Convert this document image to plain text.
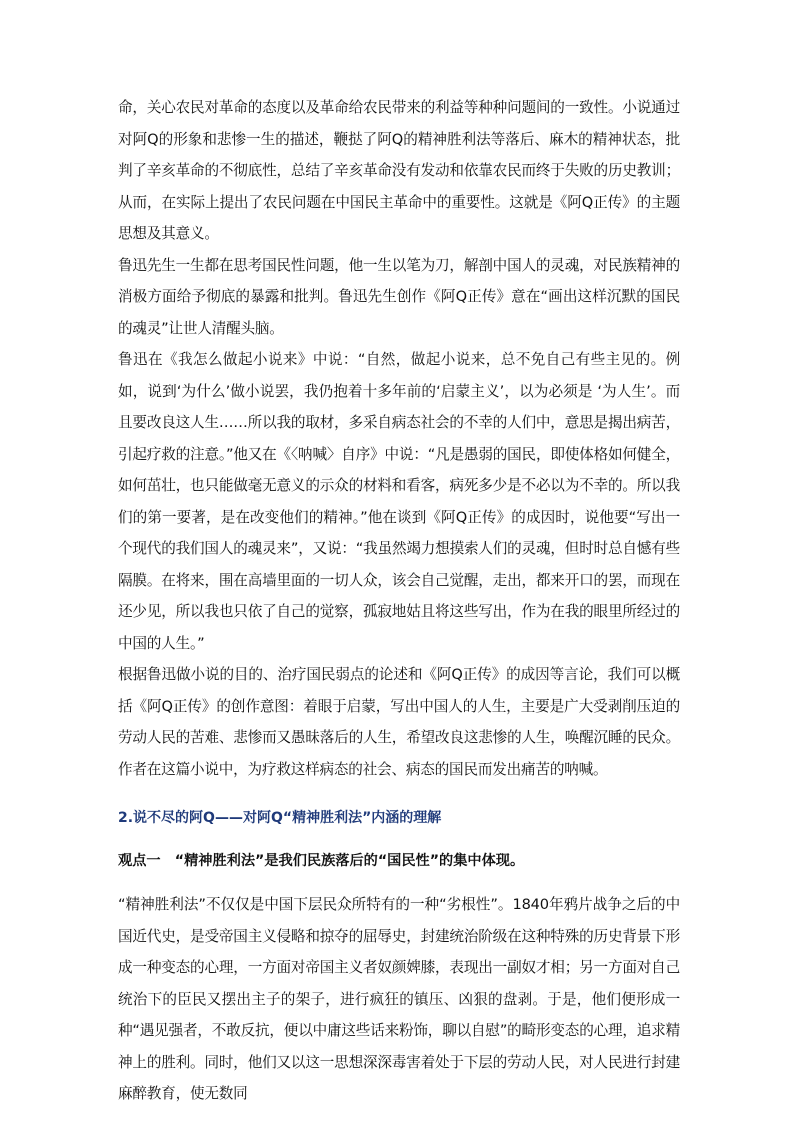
命，关心农民对革命的态度以及革命给农民带来的利益等种种问题间的一致性。小说通过对阿Q的形象和悲惨一生的描述，鞭挞了阿Q的精神胜利法等落后、麻木的精神状态，批判了辛亥革命的不彻底性，总结了辛亥革命没有发动和依靠农民而终于失败的历史教训；从而，在实际上提出了农民问题在中国民主革命中的重要性。这就是《阿Q正传》的主题思想及其意义。

鲁迅先生一生都在思考国民性问题，他一生以笔为刀，解剖中国人的灵魂，对民族精神的消极方面给予彻底的暴露和批判。鲁迅先生创作《阿Q正传》意在“画出这样沉默的国民的魂灵”让世人清醒头脑。

鲁迅在《我怎么做起小说来》中说：“自然，做起小说来，总不免自己有些主见的。例如，说到‘为什么’做小说罢，我仍抱着十多年前的‘启蒙主义’，以为必须是 ‘为人生’。而且要改良这人生……所以我的取材，多采自病态社会的不幸的人们中，意思是揭出病苦，引起疗救的注意。”他又在《〈呐喊〉自序》中说：“凡是愚弱的国民，即使体格如何健全，如何茁壮，也只能做毫无意义的示众的材料和看客，病死多少是不必以为不幸的。所以我们的第一要著，是在改变他们的精神。”他在谈到《阿Q正传》的成因时，说他要“写出一个现代的我们国人的魂灵来”，又说：“我虽然竭力想摸索人们的灵魂，但时时总自憾有些隔膜。在将来，围在高墙里面的一切人众，该会自己觉醒，走出，都来开口的罢，而现在还少见，所以我也只依了自己的觉察，孤寂地姑且将这些写出，作为在我的眼里所经过的中国的人生。”

根据鲁迅做小说的目的、治疗国民弱点的论述和《阿Q正传》的成因等言论，我们可以概括《阿Q正传》的创作意图：着眼于启蒙，写出中国人的人生，主要是广大受剥削压迫的劳动人民的苦难、悲惨而又愚昧落后的人生，希望改良这悲惨的人生，唤醒沉睡的民众。作者在这篇小说中，为疗救这样病态的社会、病态的国民而发出痛苦的呐喊。

2.说不尽的阿Q——对阿Q“精神胜利法”内涵的理解

观点一　“精神胜利法”是我们民族落后的“国民性”的集中体现。

“精神胜利法”不仅仅是中国下层民众所特有的一种“劣根性”。1840年鸦片战争之后的中国近代史，是受帝国主义侵略和掠夺的屈辱史，封建统治阶级在这种特殊的历史背景下形成一种变态的心理，一方面对帝国主义者奴颜婢膝，表现出一副奴才相；另一方面对自己统治下的臣民又摆出主子的架子，进行疯狂的镇压、凶狠的盘剥。于是，他们便形成一种“遇见强者，不敢反抗，便以中庸这些话来粉饰，聊以自慰”的畸形变态的心理，追求精神上的胜利。同时，他们又以这一思想深深毒害着处于下层的劳动人民，对人民进行封建麻醉教育，使无数同
